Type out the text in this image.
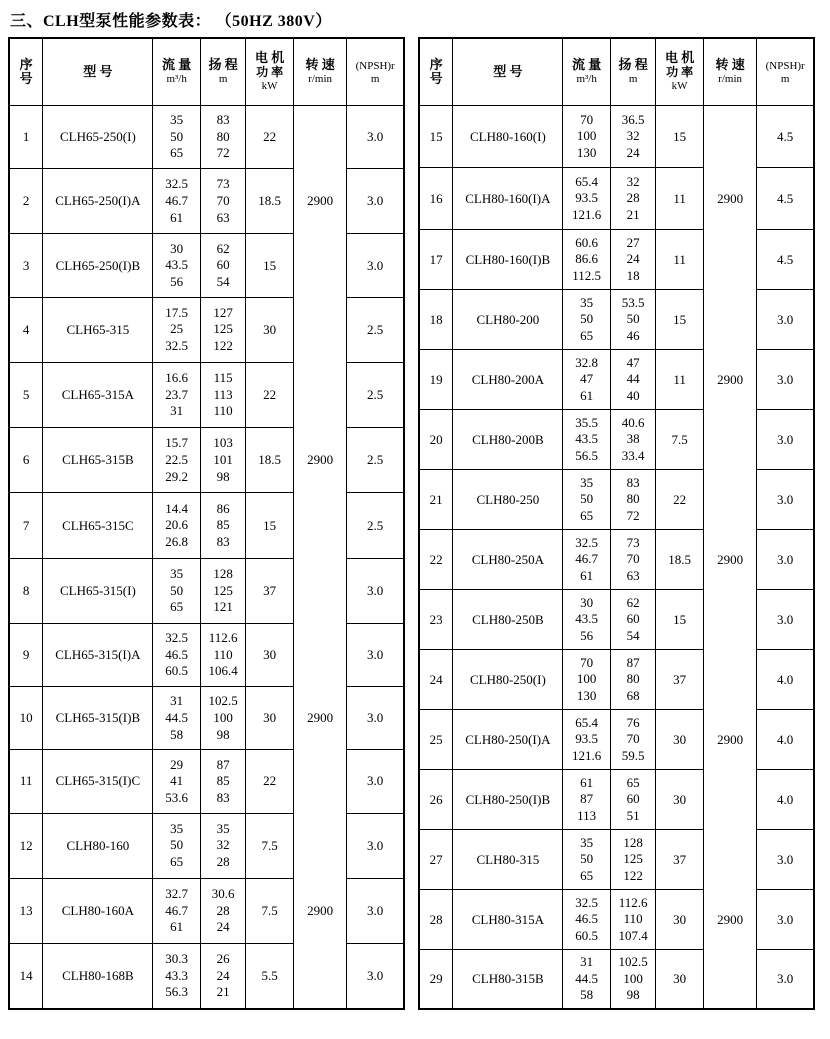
三、CLH型泵性能参数表： （50HZ 380V）
序
号	型 号	流 量
m³/h
	扬 程
m
	电 机
功 率
kW
	转 速
r/min
	(NPSH)r
m

1	CLH65-250(I)	35
50
65	83
80
72	22		3.0
2	CLH65-250(I)A	32.5
46.7
61	73
70
63	18.5	2900	3.0
3	CLH65-250(I)B	30
43.5
56	62
60
54	15		3.0
4	CLH65-315	17.5
25
32.5	127
125
122	30		2.5
5	CLH65-315A	16.6
23.7
31	115
113
110	22		2.5
6	CLH65-315B	15.7
22.5
29.2	103
101
98	18.5	2900	2.5
7	CLH65-315C	14.4
20.6
26.8	86
85
83	15		2.5
8	CLH65-315(I)	35
50
65	128
125
121	37		3.0
9	CLH65-315(I)A	32.5
46.5
60.5	112.6
110
106.4	30		3.0
10	CLH65-315(I)B	31
44.5
58	102.5
100
98	30	2900	3.0
11	CLH65-315(I)C	29
41
53.6	87
85
83	22		3.0
12	CLH80-160	35
50
65	35
32
28	7.5		3.0
13	CLH80-160A	32.7
46.7
61	30.6
28
24	7.5	2900	3.0
14	CLH80-168B	30.3
43.3
56.3	26
24
21	5.5		3.0
序
号	型 号	流 量
m³/h
	扬 程
m
	电 机
功 率
kW
	转 速
r/min
	(NPSH)r
m

15	CLH80-160(I)	70
100
130	36.5
32
24	15		4.5
16	CLH80-160(I)A	65.4
93.5
121.6	32
28
21	11	2900	4.5
17	CLH80-160(I)B	60.6
86.6
112.5	27
24
18	11		4.5
18	CLH80-200	35
50
65	53.5
50
46	15		3.0
19	CLH80-200A	32.8
47
61	47
44
40	11	2900	3.0
20	CLH80-200B	35.5
43.5
56.5	40.6
38
33.4	7.5		3.0
21	CLH80-250	35
50
65	83
80
72	22		3.0
22	CLH80-250A	32.5
46.7
61	73
70
63	18.5	2900	3.0
23	CLH80-250B	30
43.5
56	62
60
54	15		3.0
24	CLH80-250(I)	70
100
130	87
80
68	37		4.0
25	CLH80-250(I)A	65.4
93.5
121.6	76
70
59.5	30	2900	4.0
26	CLH80-250(I)B	61
87
113	65
60
51	30		4.0
27	CLH80-315	35
50
65	128
125
122	37		3.0
28	CLH80-315A	32.5
46.5
60.5	112.6
110
107.4	30	2900	3.0
29	CLH80-315B	31
44.5
58	102.5
100
98	30		3.0
